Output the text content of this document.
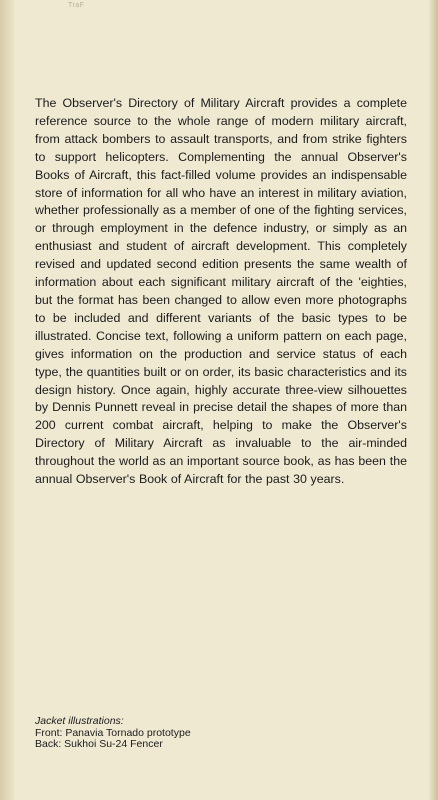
TraF

The Observer's Directory of Military Aircraft provides a complete reference source to the whole range of modern military aircraft, from attack bombers to assault transports, and from strike fighters to support helicopters. Complementing the annual Observer's Books of Aircraft, this fact-filled volume provides an indispensable store of information for all who have an interest in military aviation, whether professionally as a member of one of the fighting services, or through employment in the defence industry, or simply as an enthusiast and student of aircraft development. This completely revised and updated second edition presents the same wealth of information about each significant military aircraft of the 'eighties, but the format has been changed to allow even more photographs to be included and different variants of the basic types to be illustrated. Concise text, following a uniform pattern on each page, gives information on the production and service status of each type, the quantities built or on order, its basic characteristics and its design history. Once again, highly accurate three-view silhouettes by Dennis Punnett reveal in precise detail the shapes of more than 200 current combat aircraft, helping to make the Observer's Directory of Military Aircraft as invaluable to the air-minded throughout the world as an important source book, as has been the annual Observer's Book of Aircraft for the past 30 years.

Jacket illustrations:
Front: Panavia Tornado prototype
Back: Sukhoi Su-24 Fencer
